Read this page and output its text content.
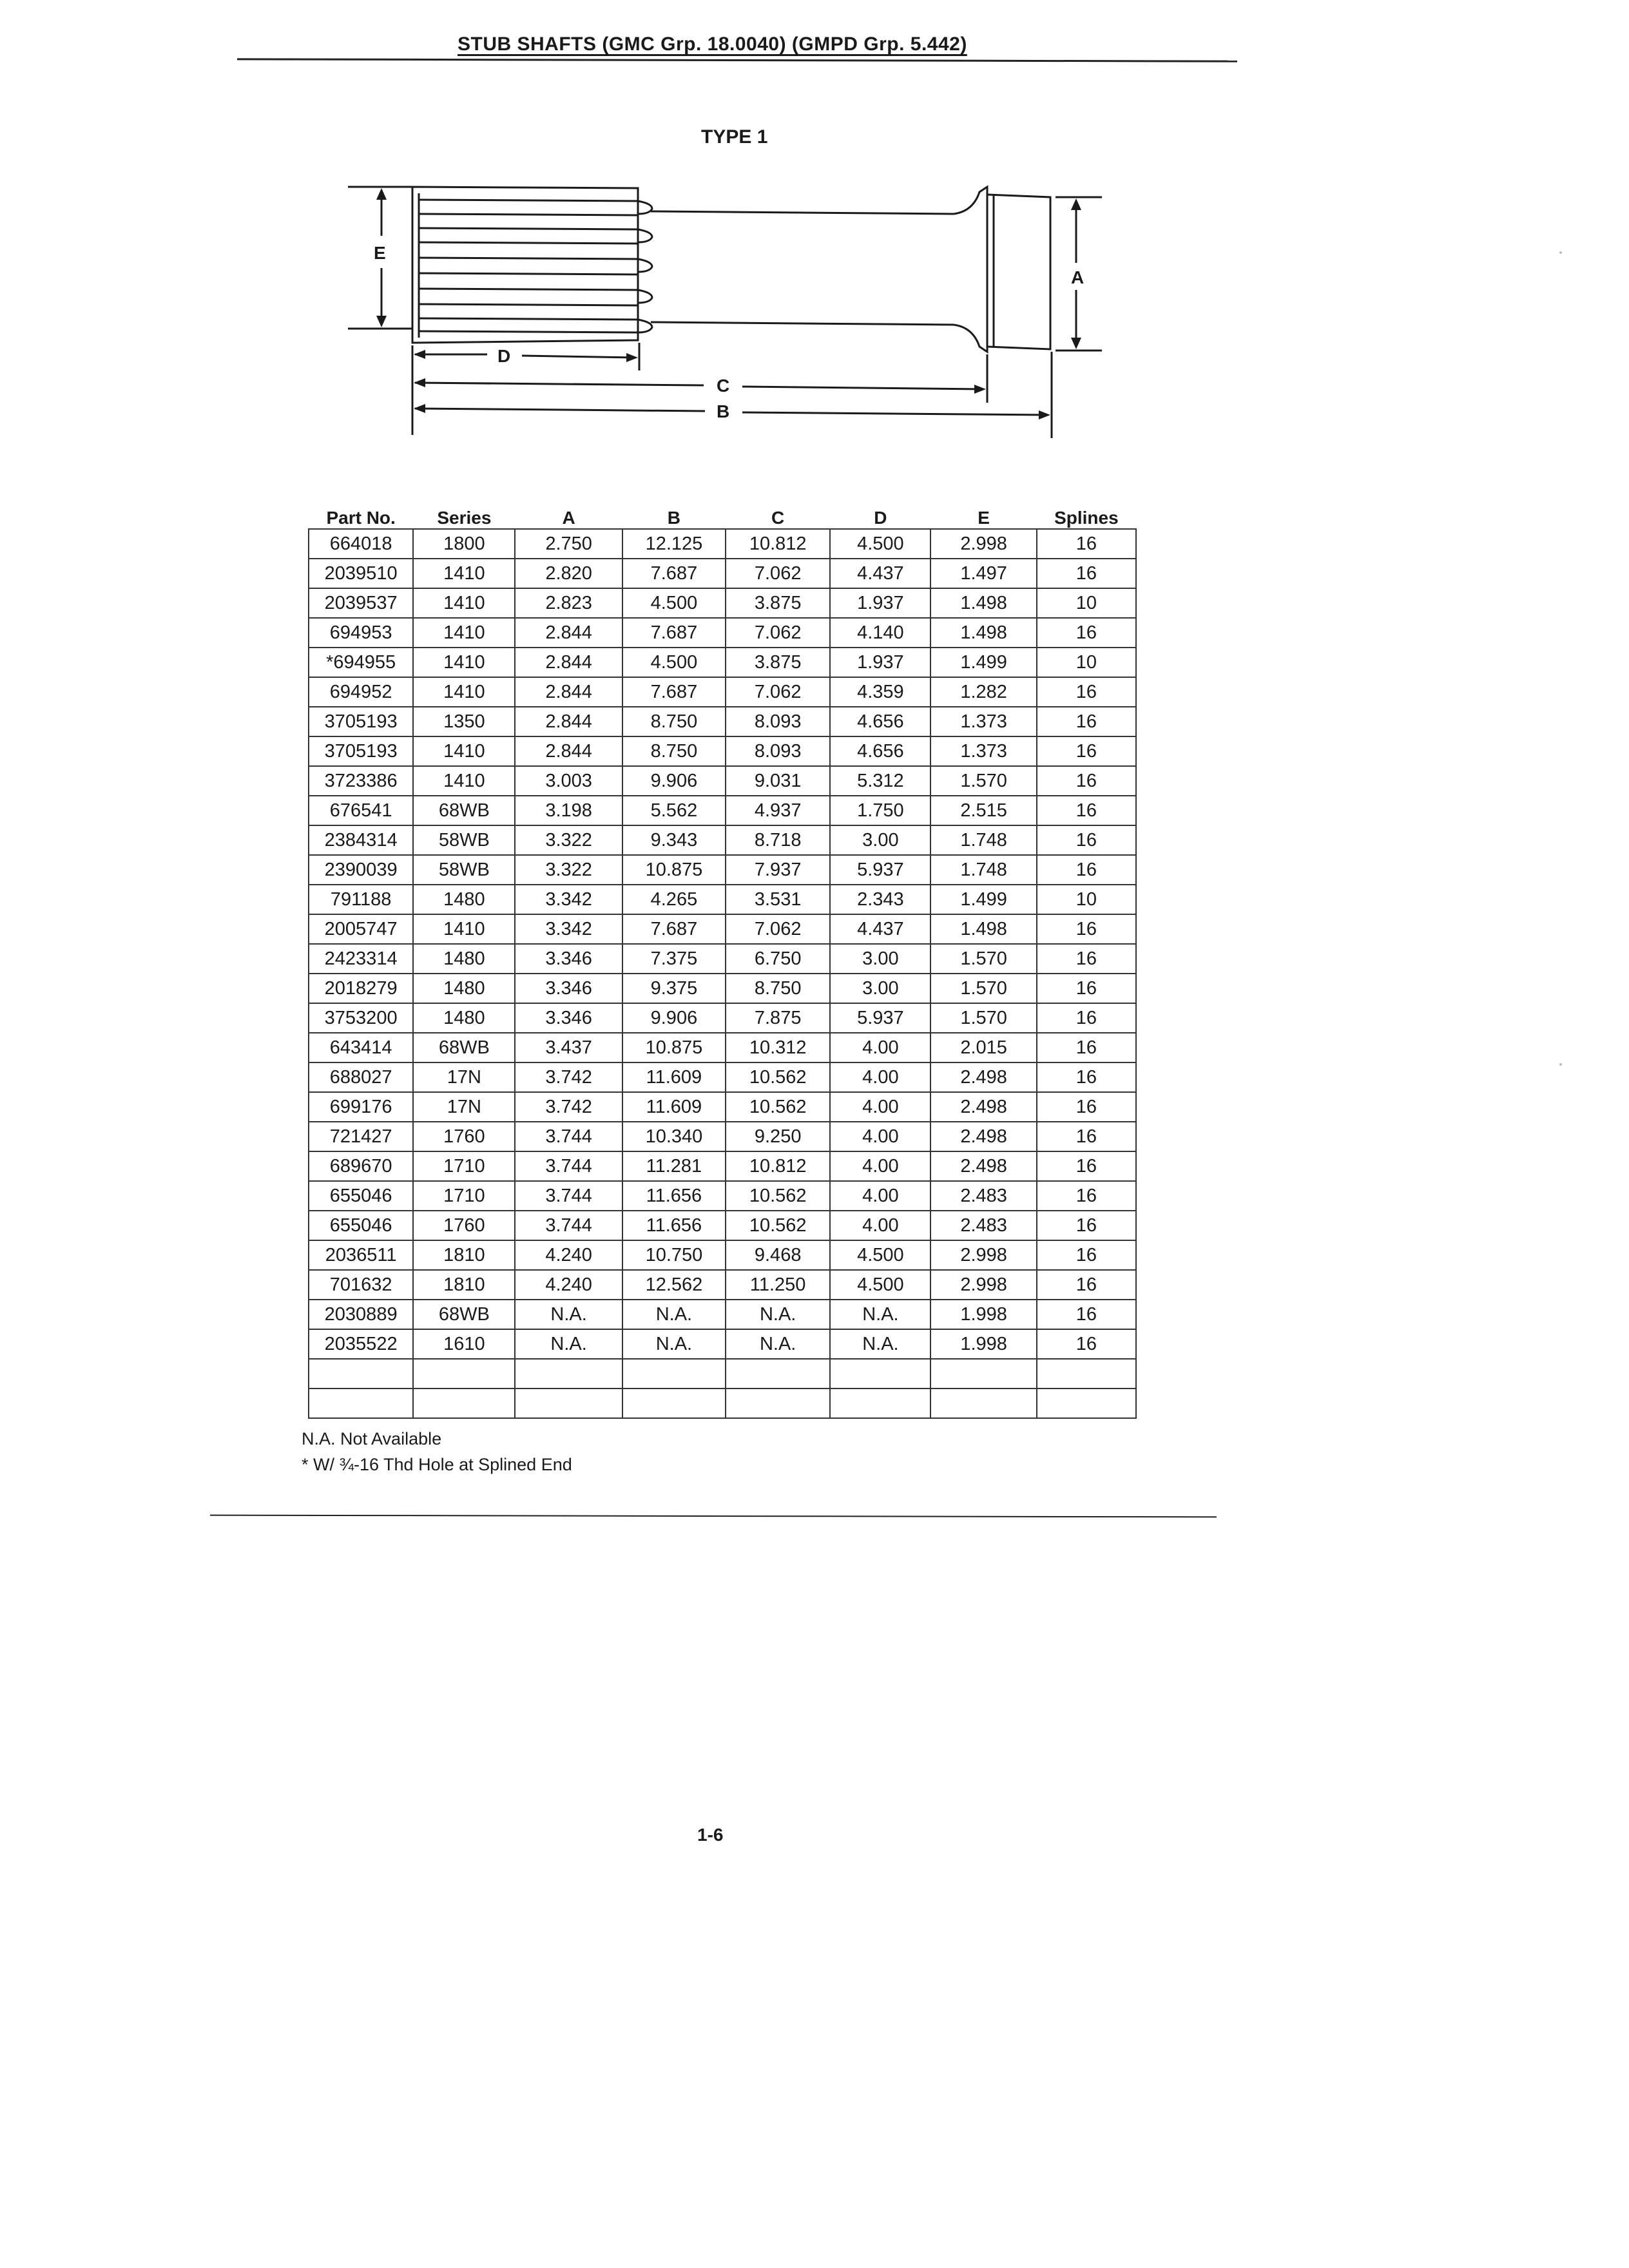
STUB SHAFTS (GMC Grp. 18.0040) (GMPD Grp. 5.442)
TYPE 1
E
A
D
C
B
Part No.	Series	A	B	C	D	E	Splines
664018	1800	2.750	12.125	10.812	4.500	2.998	16
2039510	1410	2.820	7.687	7.062	4.437	1.497	16
2039537	1410	2.823	4.500	3.875	1.937	1.498	10
694953	1410	2.844	7.687	7.062	4.140	1.498	16
*694955	1410	2.844	4.500	3.875	1.937	1.499	10
694952	1410	2.844	7.687	7.062	4.359	1.282	16
3705193	1350	2.844	8.750	8.093	4.656	1.373	16
3705193	1410	2.844	8.750	8.093	4.656	1.373	16
3723386	1410	3.003	9.906	9.031	5.312	1.570	16
676541	68WB	3.198	5.562	4.937	1.750	2.515	16
2384314	58WB	3.322	9.343	8.718	3.00	1.748	16
2390039	58WB	3.322	10.875	7.937	5.937	1.748	16
791188	1480	3.342	4.265	3.531	2.343	1.499	10
2005747	1410	3.342	7.687	7.062	4.437	1.498	16
2423314	1480	3.346	7.375	6.750	3.00	1.570	16
2018279	1480	3.346	9.375	8.750	3.00	1.570	16
3753200	1480	3.346	9.906	7.875	5.937	1.570	16
643414	68WB	3.437	10.875	10.312	4.00	2.015	16
688027	17N	3.742	11.609	10.562	4.00	2.498	16
699176	17N	3.742	11.609	10.562	4.00	2.498	16
721427	1760	3.744	10.340	9.250	4.00	2.498	16
689670	1710	3.744	11.281	10.812	4.00	2.498	16
655046	1710	3.744	11.656	10.562	4.00	2.483	16
655046	1760	3.744	11.656	10.562	4.00	2.483	16
2036511	1810	4.240	10.750	9.468	4.500	2.998	16
701632	1810	4.240	12.562	11.250	4.500	2.998	16
2030889	68WB	N.A.	N.A.	N.A.	N.A.	1.998	16
2035522	1610	N.A.	N.A.	N.A.	N.A.	1.998	16

N.A. Not Available
* W/ ¾-16 Thd Hole at Splined End
1-6
